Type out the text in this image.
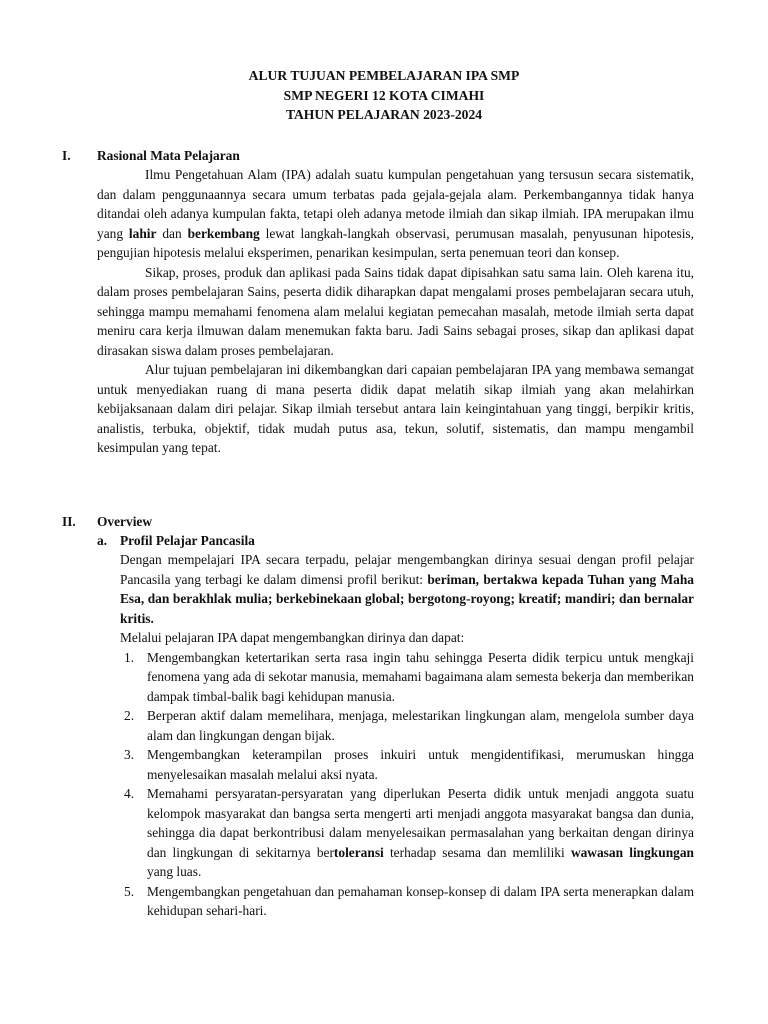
ALUR TUJUAN PEMBELAJARAN IPA SMP
SMP NEGERI 12 KOTA CIMAHI
TAHUN PELAJARAN 2023-2024
I. Rasional Mata Pelajaran

Ilmu Pengetahuan Alam (IPA) adalah suatu kumpulan pengetahuan yang tersusun secara sistematik, dan dalam penggunaannya secara umum terbatas pada gejala-gejala alam. Perkembangannya tidak hanya ditandai oleh adanya kumpulan fakta, tetapi oleh adanya metode ilmiah dan sikap ilmiah. IPA merupakan ilmu yang lahir dan berkembang lewat langkah-langkah observasi, perumusan masalah, penyusunan hipotesis, pengujian hipotesis melalui eksperimen, penarikan kesimpulan, serta penemuan teori dan konsep.

Sikap, proses, produk dan aplikasi pada Sains tidak dapat dipisahkan satu sama lain. Oleh karena itu, dalam proses pembelajaran Sains, peserta didik diharapkan dapat mengalami proses pembelajaran secara utuh, sehingga mampu memahami fenomena alam melalui kegiatan pemecahan masalah, metode ilmiah serta dapat meniru cara kerja ilmuwan dalam menemukan fakta baru. Jadi Sains sebagai proses, sikap dan aplikasi dapat dirasakan siswa dalam proses pembelajaran.

Alur tujuan pembelajaran ini dikembangkan dari capaian pembelajaran IPA yang membawa semangat untuk menyediakan ruang di mana peserta didik dapat melatih sikap ilmiah yang akan melahirkan kebijaksanaan dalam diri pelajar. Sikap ilmiah tersebut antara lain keingintahuan yang tinggi, berpikir kritis, analistis, terbuka, objektif, tidak mudah putus asa, tekun, solutif, sistematis, dan mampu mengambil kesimpulan yang tepat.

II. Overview
a. Profil Pelajar Pancasila

Dengan mempelajari IPA secara terpadu, pelajar mengembangkan dirinya sesuai dengan profil pelajar Pancasila yang terbagi ke dalam dimensi profil berikut: beriman, bertakwa kepada Tuhan yang Maha Esa, dan berakhlak mulia; berkebinekaan global; bergotong-royong; kreatif; mandiri; dan bernalar kritis.

Melalui pelajaran IPA dapat mengembangkan dirinya dan dapat:

1. Mengembangkan ketertarikan serta rasa ingin tahu sehingga Peserta didik terpicu untuk mengkaji fenomena yang ada di sekotar manusia, memahami bagaimana alam semesta bekerja dan memberikan dampak timbal-balik bagi kehidupan manusia.
2. Berperan aktif dalam memelihara, menjaga, melestarikan lingkungan alam, mengelola sumber daya alam dan lingkungan dengan bijak.
3. Mengembangkan keterampilan proses inkuiri untuk mengidentifikasi, merumuskan hingga menyelesaikan masalah melalui aksi nyata.
4. Memahami persyaratan-persyaratan yang diperlukan Peserta didik untuk menjadi anggota suatu kelompok masyarakat dan bangsa serta mengerti arti menjadi anggota masyarakat bangsa dan dunia, sehingga dia dapat berkontribusi dalam menyelesaikan permasalahan yang berkaitan dengan dirinya dan lingkungan di sekitarnya bertoleransi terhadap sesama dan memliliki wawasan lingkungan yang luas.
5. Mengembangkan pengetahuan dan pemahaman konsep-konsep di dalam IPA serta menerapkan dalam kehidupan sehari-hari.
